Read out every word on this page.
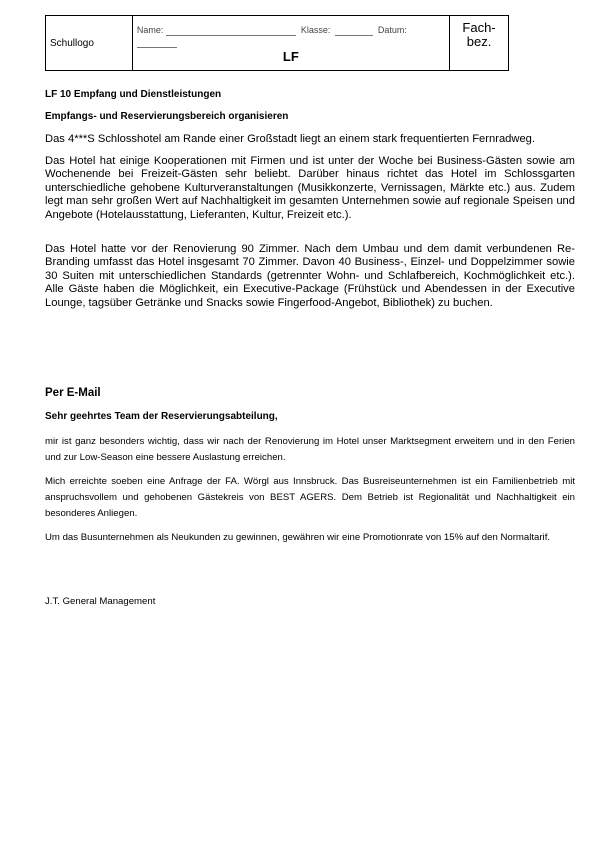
Schullogo	
Name:	Klasse:	Datum:
LF

Fach-
bez.
LF 10 Empfang und Dienstleistungen
Empfangs- und Reservierungsbereich organisieren
Das 4***S Schlosshotel am Rande einer Großstadt liegt an einem stark frequentierten Fernradweg.
Das Hotel hat einige Kooperationen mit Firmen und ist unter der Woche bei Business-Gästen sowie am Wochenende bei Freizeit-Gästen sehr beliebt. Darüber hinaus richtet das Hotel im Schlossgarten unterschiedliche gehobene Kulturveranstaltungen (Musikkonzerte, Vernissagen, Märkte etc.) aus. Zudem legt man sehr großen Wert auf Nachhaltigkeit im gesamten Unternehmen sowie auf regionale Speisen und Angebote (Hotelausstattung, Lieferanten, Kultur, Freizeit etc.).
Das Hotel hatte vor der Renovierung 90 Zimmer. Nach dem Umbau und dem damit verbundenen Re-Branding umfasst das Hotel insgesamt 70 Zimmer. Davon 40 Business-, Einzel- und Doppelzimmer sowie 30 Suiten mit unterschiedlichen Standards (getrennter Wohn- und Schlafbereich, Kochmöglichkeit etc.). Alle Gäste haben die Möglichkeit, ein Executive-Package (Frühstück und Abendessen in der Executive Lounge, tagsüber Getränke und Snacks sowie Fingerfood-Angebot, Bibliothek) zu buchen.
Per E-Mail
Sehr geehrtes Team der Reservierungsabteilung,
mir ist ganz besonders wichtig, dass wir nach der Renovierung im Hotel unser Marktsegment erweitern und in den Ferien und zur Low-Season eine bessere Auslastung erreichen.
Mich erreichte soeben eine Anfrage der FA. Wörgl aus Innsbruck. Das Busreiseunternehmen ist ein Familienbetrieb mit anspruchsvollem und gehobenen Gästekreis von BEST AGERS. Dem Betrieb ist Regionalität und Nachhaltigkeit ein besonderes Anliegen.
Um das Busunternehmen als Neukunden zu gewinnen, gewähren wir eine Promotionrate von 15% auf den Normaltarif.
J.T. General Management
